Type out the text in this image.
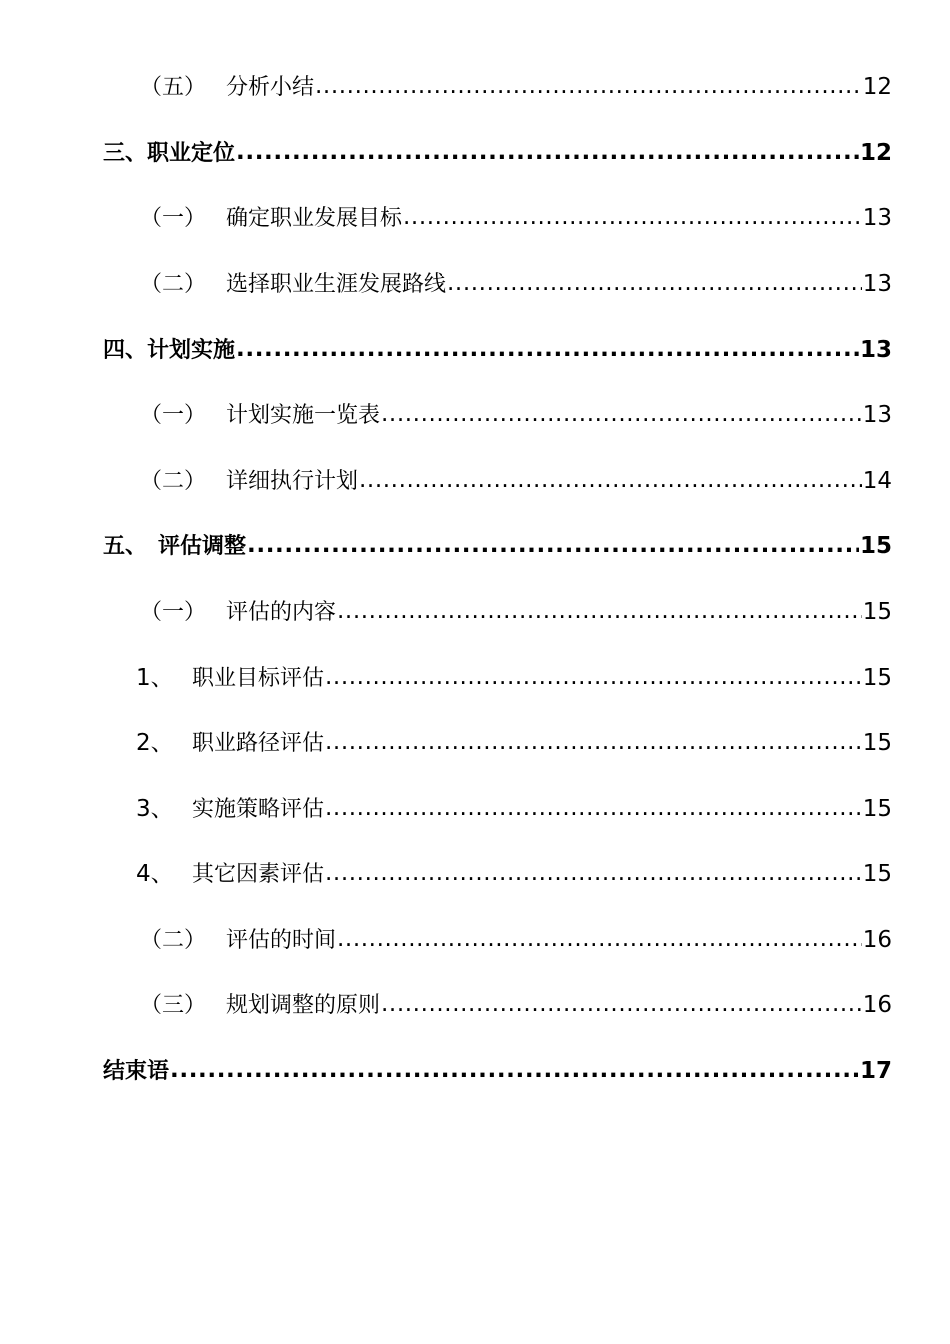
（五） 分析小结 .....	12
三、 职业定位 .....	12
（一） 确定职业发展目标 .....	13
（二） 选择职业生涯发展路线 .....	13
四、 计划实施 .....	13
（一） 计划实施一览表 .....	13
（二） 详细执行计划 .....	14
五、　 评估调整 .....	15
（一） 评估的内容 .....	15
1、 职业目标评估 .....	15
2、 职业路径评估 .....	15
3、 实施策略评估 .....	15
4、 其它因素评估 .....	15
（二） 评估的时间 .....	16
（三） 规划调整的原则 .....	16
结束语 .....	17
